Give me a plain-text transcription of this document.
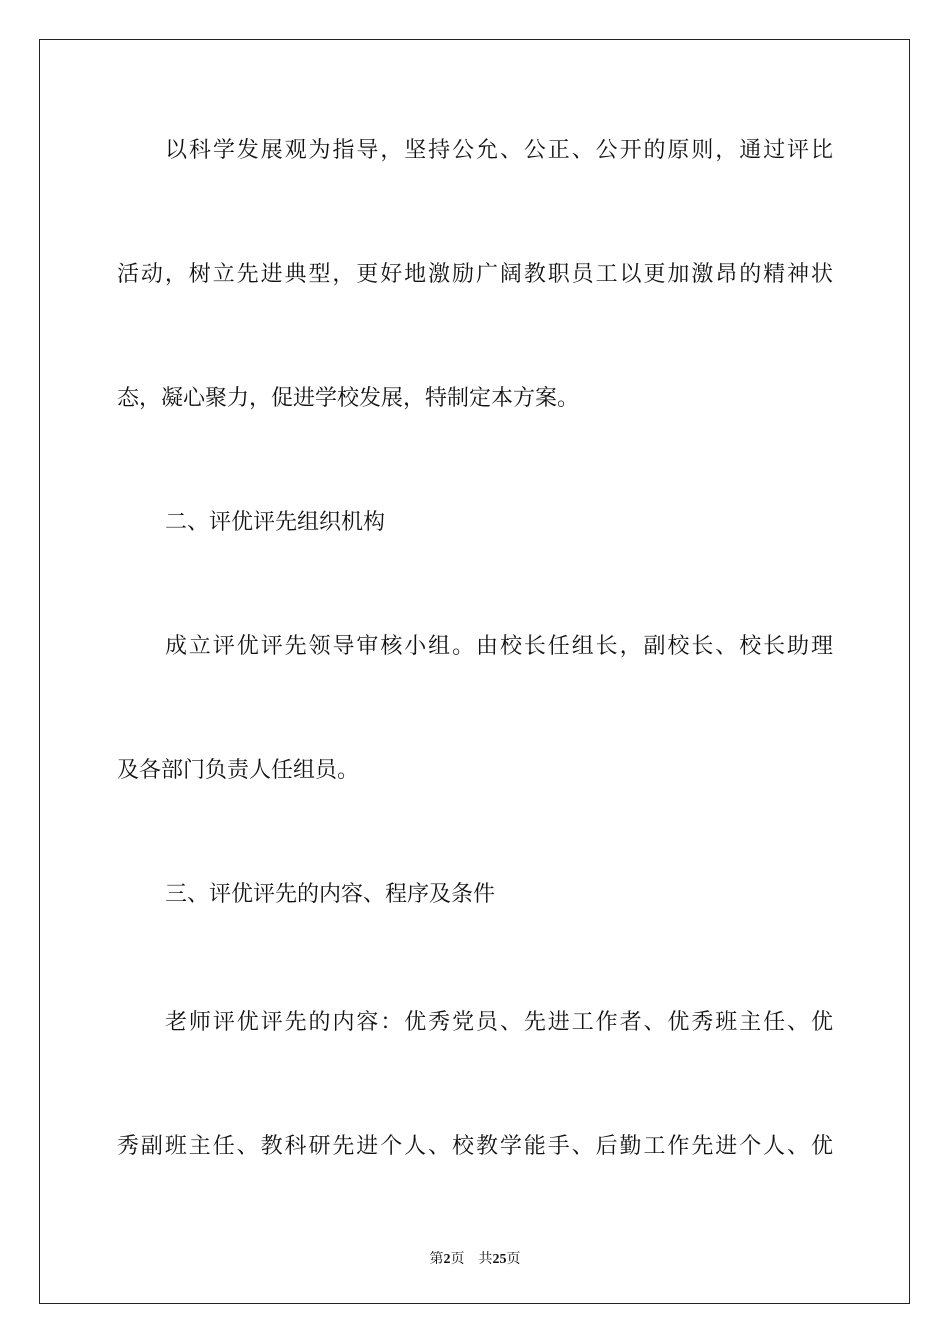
以科学发展观为指导，坚持公允、公正、公开的原则，通过评比
活动，树立先进典型，更好地激励广阔教职员工以更加激昂的精神状
态，凝心聚力，促进学校发展，特制定本方案。
二、评优评先组织机构
成立评优评先领导审核小组。由校长任组长，副校长、校长助理
及各部门负责人任组员。
三、评优评先的内容、程序及条件
老师评优评先的内容：优秀党员、先进工作者、优秀班主任、优
秀副班主任、教科研先进个人、校教学能手、后勤工作先进个人、优
第2页 共25页
